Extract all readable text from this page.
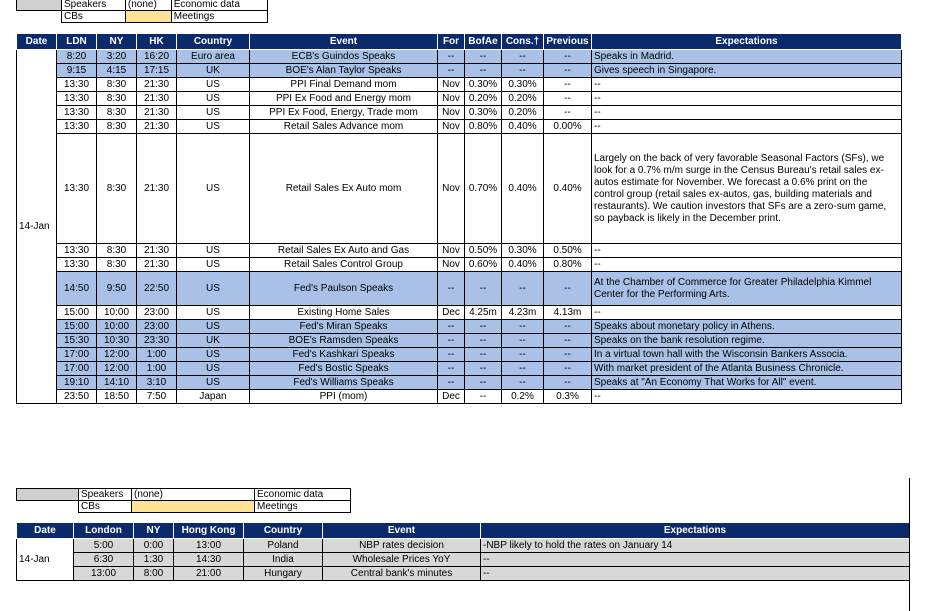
	Speakers	(none)	Economic data
	CBs		Meetings
Date	LDN	NY	HK	Country	Event	For	BofAe	Cons.†	Previous	Expectations
14-Jan	8:20	3:20	16:20	Euro area	ECB's Guindos Speaks	--	--	--	--	Speaks in Madrid.
	9:15	4:15	17:15	UK	BOE's Alan Taylor Speaks	--	--	--	--	Gives speech in Singapore.
	13:30	8:30	21:30	US	PPI Final Demand mom	Nov	0.30%	0.30%	--	--
	13:30	8:30	21:30	US	PPI Ex Food and Energy mom	Nov	0.20%	0.20%	--	--
	13:30	8:30	21:30	US	PPI Ex Food, Energy, Trade mom	Nov	0.30%	0.20%	--	--
	13:30	8:30	21:30	US	Retail Sales Advance mom	Nov	0.80%	0.40%	0.00%	--
	13:30	8:30	21:30	US	Retail Sales Ex Auto mom	Nov	0.70%	0.40%	0.40%	Largely on the back of very favorable Seasonal Factors (SFs), we look for a 0.7% m/m surge in the Census Bureau's retail sales ex-autos estimate for November. We forecast a 0.6% print on the control group (retail sales ex-autos, gas, building materials and restaurants). We caution investors that SFs are a zero-sum game, so payback is likely in the December print.
	13:30	8:30	21:30	US	Retail Sales Ex Auto and Gas	Nov	0.50%	0.30%	0.50%	--
	13:30	8:30	21:30	US	Retail Sales Control Group	Nov	0.60%	0.40%	0.80%	--
	14:50	9:50	22:50	US	Fed's Paulson Speaks	--	--	--	--	At the Chamber of Commerce for Greater Philadelphia Kimmel Center for the Performing Arts.
	15:00	10:00	23:00	US	Existing Home Sales	Dec	4.25m	4.23m	4.13m	--
	15:00	10:00	23:00	US	Fed's Miran Speaks	--	--	--	--	Speaks about monetary policy in Athens.
	15:30	10:30	23:30	UK	BOE's Ramsden Speaks	--	--	--	--	Speaks on the bank resolution regime.
	17:00	12:00	1:00	US	Fed's Kashkari Speaks	--	--	--	--	In a virtual town hall with the Wisconsin Bankers Associa.
	17:00	12:00	1:00	US	Fed's Bostic Speaks	--	--	--	--	With market president of the Atlanta Business Chronicle.
	19:10	14:10	3:10	US	Fed's Williams Speaks	--	--	--	--	Speaks at "An Economy That Works for All" event.
	23:50	18:50	7:50	Japan	PPI (mom)	Dec	--	0.2%	0.3%	--
	Speakers	(none)	Economic data
	CBs		Meetings
Date	London	NY	Hong Kong	Country	Event	Expectations
14-Jan	5:00	0:00	13:00	Poland	NBP rates decision	-NBP likely to hold the rates on January 14
	6:30	1:30	14:30	India	Wholesale Prices YoY	--
	13:00	8:00	21:00	Hungary	Central bank's minutes	--
